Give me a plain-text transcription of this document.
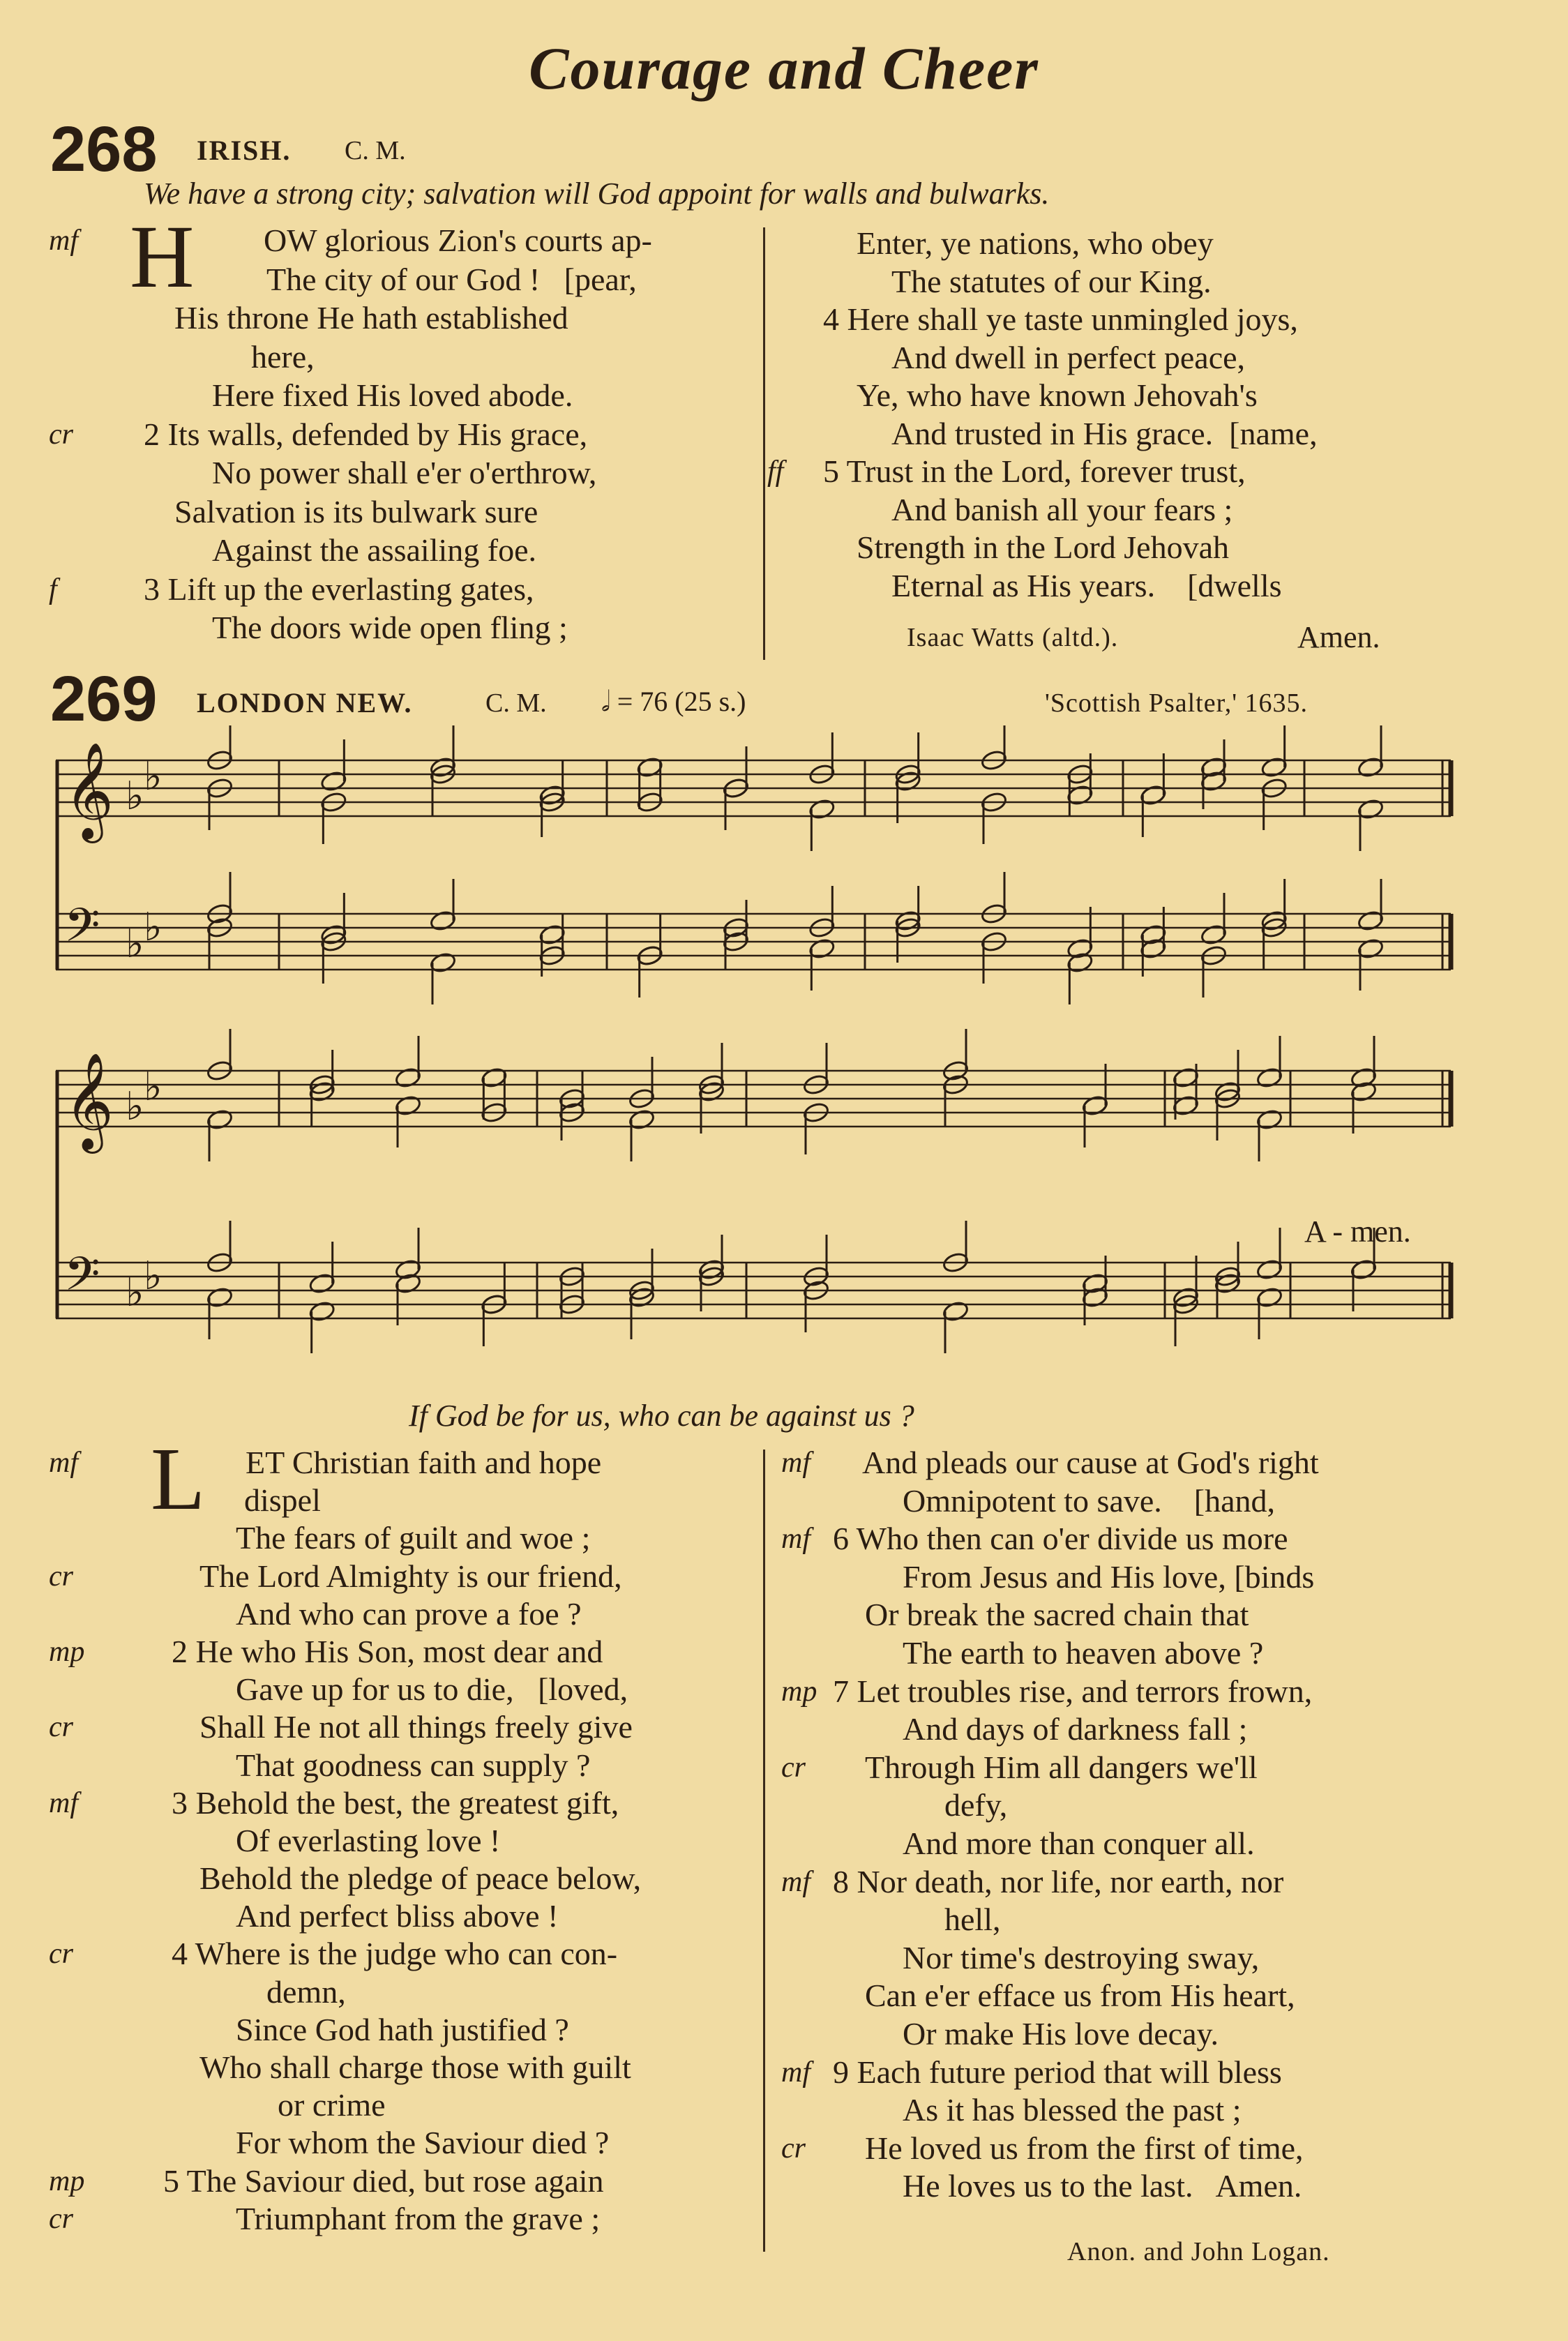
Courage and Cheer
268 IRISH. C. M.
We have a strong city; salvation will God appoint for walls and bulwarks.
H
mf	OW glorious Zion's courts ap-
The city of our God !   [pear,
His throne He hath established
here,
Here fixed His loved abode.
cr 2 Its walls, defended by His grace,
No power shall e'er o'erthrow,
Salvation is its bulwark sure
Against the assailing foe.
f	3 Lift up the everlasting gates,
The doors wide open fling ;
Enter, ye nations, who obey
The statutes of our King.
4 Here shall ye taste unmingled joys,
And dwell in perfect peace,
Ye, who have known Jehovah's
And trusted in His grace.  [name,
ff 5 Trust in the Lord, forever trust,
And banish all your fears ;
Strength in the Lord Jehovah
Eternal as His years.    [dwells
Isaac Watts (altd.).	Amen.
269 LONDON NEW.	C. M. 𝅗𝅥 = 76 (25 s.)	'Scottish Psalter,' 1635.
𝄞 ♭ ♭
𝄢 ♭ ♭
𝄞 ♭ ♭
𝄢 ♭ ♭
A - men.
If God be for us, who can be against us ?
L
mf	ET Christian faith and hope
dispel
The fears of guilt and woe ;
cr	The Lord Almighty is our friend,
And who can prove a foe ?
mp	2 He who His Son, most dear and
Gave up for us to die,   [loved,
cr	Shall He not all things freely give
That goodness can supply ?
mf	3 Behold the best, the greatest gift,
Of everlasting love !
Behold the pledge of peace below,
And perfect bliss above !
cr	4 Where is the judge who can con-
demn,
Since God hath justified ?
Who shall charge those with guilt
or crime
For whom the Saviour died ?
mp 5 The Saviour died, but rose again
cr	Triumphant from the grave ;
mf And pleads our cause at God's right
Omnipotent to save.    [hand,
mf 6 Who then can o'er divide us more
From Jesus and His love, [binds
Or break the sacred chain that
The earth to heaven above ?
mp 7 Let troubles rise, and terrors frown,
And days of darkness fall ;
cr Through Him all dangers we'll
defy,
And more than conquer all.
mf 8 Nor death, nor life, nor earth, nor
hell,
Nor time's destroying sway,
Can e'er efface us from His heart,
Or make His love decay.
mf 9 Each future period that will bless
As it has blessed the past ;
cr He loved us from the first of time,
He loves us to the last.   Amen.
Anon. and John Logan.
